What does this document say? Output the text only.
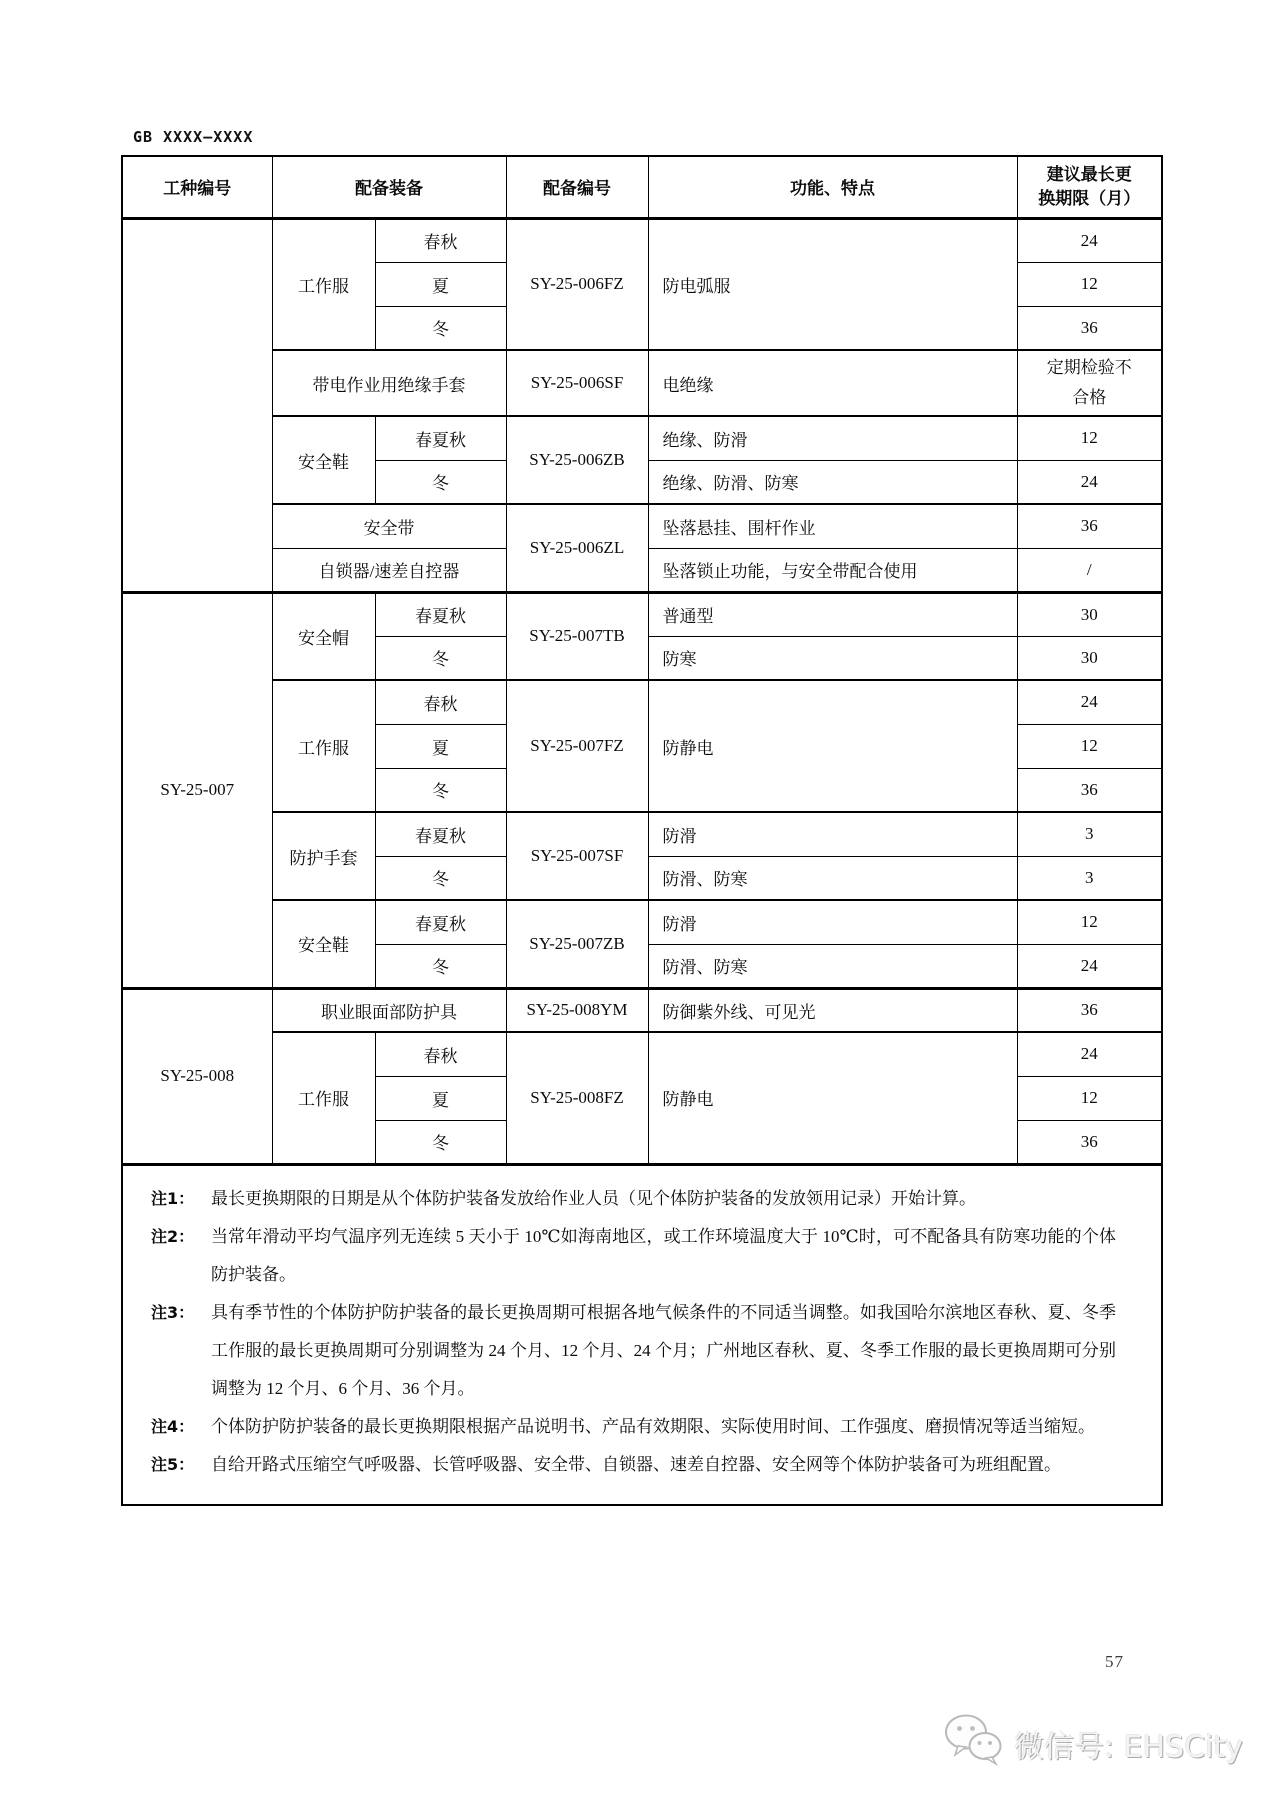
GB XXXX—XXXX
工种编号	配备装备		配备编号	功能、特点	建议最长更
换期限（月）

	工作服	春秋	SY-25-006FZ	防电弧服	24
		夏			12
		冬			36
	带电作业用绝缘手套		SY-25-006SF	电绝缘	定期检验不合格
	安全鞋	春夏秋	SY-25-006ZB	绝缘、防滑	12
		冬		绝缘、防滑、防寒	24
	安全带		SY-25-006ZL	坠落悬挂、围杆作业	36
	自锁器/速差自控器			坠落锁止功能，与安全带配合使用	/
SY-25-007	安全帽	春夏秋	SY-25-007TB	普通型	30
		冬		防寒	30
	工作服	春秋	SY-25-007FZ	防静电	24
		夏			12
		冬			36
	防护手套	春夏秋	SY-25-007SF	防滑	3
		冬		防滑、防寒	3
	安全鞋	春夏秋	SY-25-007ZB	防滑	12
		冬		防滑、防寒	24
SY-25-008	职业眼面部防护具		SY-25-008YM	防御紫外线、可见光	36
	工作服	春秋	SY-25-008FZ	防静电	24
		夏			12
		冬			36

注1： 最长更换期限的日期是从个体防护装备发放给作业人员（见个体防护装备的发放领用记录）开始计算。
注2： 当常年滑动平均气温序列无连续 5 天小于 10℃如海南地区，或工作环境温度大于 10℃时，可不配备具有防寒功能的个体防护装备。
注3： 具有季节性的个体防护防护装备的最长更换周期可根据各地气候条件的不同适当调整。如我国哈尔滨地区春秋、夏、冬季工作服的最长更换周期可分别调整为 24 个月、12 个月、24 个月；广州地区春秋、夏、冬季工作服的最长更换周期可分别调整为 12 个月、6 个月、36 个月。
注4： 个体防护防护装备的最长更换期限根据产品说明书、产品有效期限、实际使用时间、工作强度、磨损情况等适当缩短。
注5： 自给开路式压缩空气呼吸器、长管呼吸器、安全带、自锁器、速差自控器、安全网等个体防护装备可为班组配置。
57
微信号: EHSCity
